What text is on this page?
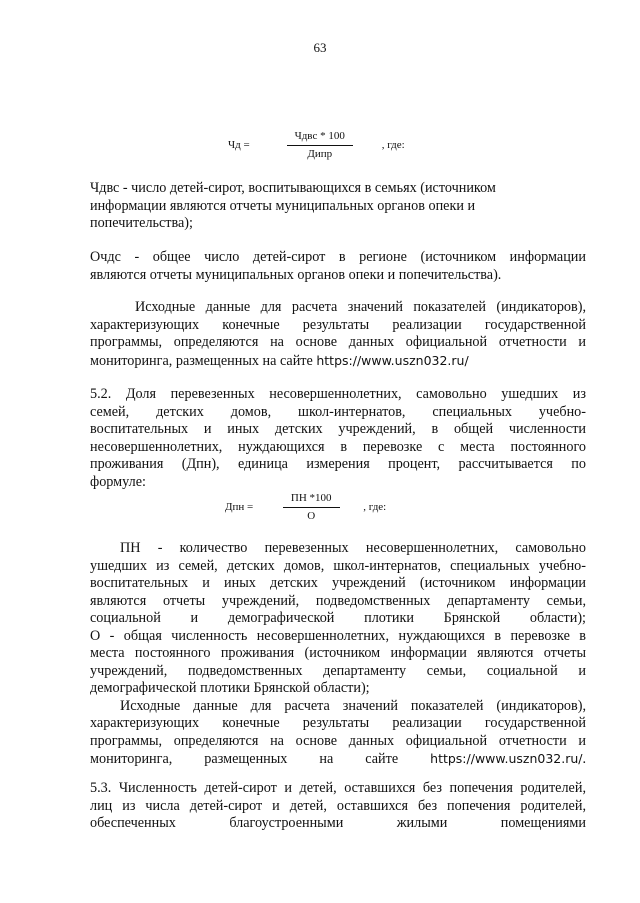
63
Чд = $\frac{\text{Чдвс * 100}}{\text{Дипр}}$ , где:

Чдвс - число детей-сирот, воспитывающихся в семьях (источником
информации являются отчеты муниципальных органов опеки и
попечительства);

Очдс - общее число детей-сирот в регионе (источником информации
являются отчеты муниципальных органов опеки и попечительства).

Исходные данные для расчета значений показателей (индикаторов),
характеризующих конечные результаты реализации государственной
программы, определяются на основе данных официальной отчетности и
мониторинга, размещенных на сайте https://www.uszn032.ru/

5.2. Доля перевезенных несовершеннолетних, самовольно ушедших из
семей, детских домов, школ-интернатов, специальных учебно-
воспитательных и иных детских учреждений, в общей численности
несовершеннолетних, нуждающихся в перевозке с места постоянного
проживания (Дпн), единица измерения процент, рассчитывается по
формуле:

Дпн = $\frac{ПН *100}{О}$ , где:

ПН - количество перевезенных несовершеннолетних, самовольно
ушедших из семей, детских домов, школ-интернатов, специальных учебно-
воспитательных и иных детских учреждений (источником информации
являются отчеты учреждений, подведомственных департаменту семьи,
социальной и демографической плотики Брянской области);

О - общая численность несовершеннолетних, нуждающихся в перевозке в
места постоянного проживания (источником информации являются отчеты
учреждений, подведомственных департаменту семьи, социальной и
демографической плотики Брянской области);

Исходные данные для расчета значений показателей (индикаторов),
характеризующих конечные результаты реализации государственной
программы, определяются на основе данных официальной отчетности и
мониторинга, размещенных на сайте	https://www.uszn032.ru/.

5.3. Численность детей-сирот и детей, оставшихся без попечения родителей,
лиц из числа детей-сирот и детей, оставшихся без попечения родителей,
обеспеченных благоустроенными жилыми помещениями
